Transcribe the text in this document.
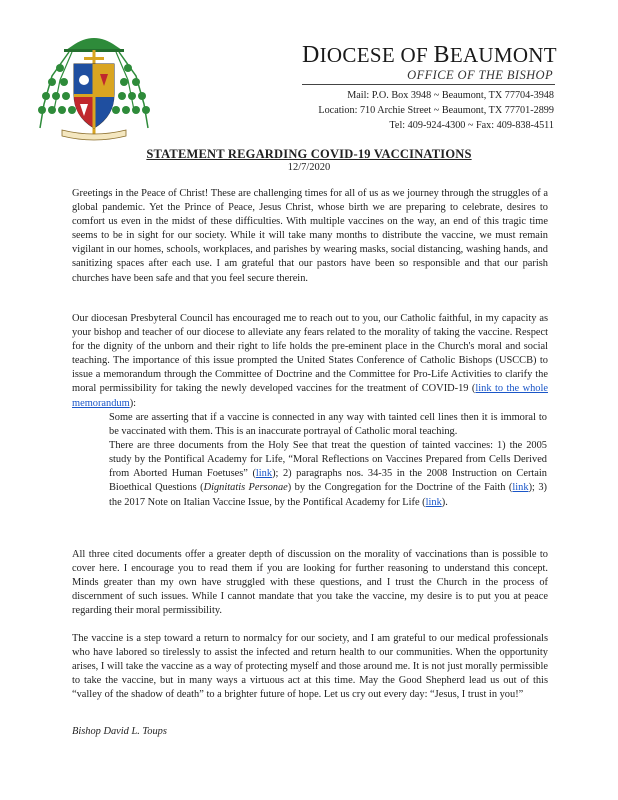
DIOCESE OF BEAUMONT
OFFICE OF THE BISHOP
Mail: P.O. Box 3948 ~ Beaumont, TX 77704-3948
Location: 710 Archie Street ~ Beaumont, TX 77701-2899
Tel: 409-924-4300 ~ Fax: 409-838-4511
STATEMENT REGARDING COVID-19 VACCINATIONS
12/7/2020
Greetings in the Peace of Christ! These are challenging times for all of us as we journey through the struggles of a global pandemic. Yet the Prince of Peace, Jesus Christ, whose birth we are preparing to celebrate, desires to comfort us even in the midst of these difficulties. With multiple vaccines on the way, an end of this tragic time seems to be in sight for our society. While it will take many months to distribute the vaccine, we must remain vigilant in our homes, schools, workplaces, and parishes by wearing masks, social distancing, washing hands, and sanitizing spaces after each use. I am grateful that our pastors have been so responsible and that our parish churches have been safe and that you feel secure therein.
Our diocesan Presbyteral Council has encouraged me to reach out to you, our Catholic faithful, in my capacity as your bishop and teacher of our diocese to alleviate any fears related to the morality of taking the vaccine. Respect for the dignity of the unborn and their right to life holds the pre-eminent place in the Church's moral and social teaching. The importance of this issue prompted the United States Conference of Catholic Bishops (USCCB) to issue a memorandum through the Committee of Doctrine and the Committee for Pro-Life Activities to clarify the moral permissibility for taking the newly developed vaccines for the treatment of COVID-19 (link to the whole memorandum):
Some are asserting that if a vaccine is connected in any way with tainted cell lines then it is immoral to be vaccinated with them. This is an inaccurate portrayal of Catholic moral teaching.
There are three documents from the Holy See that treat the question of tainted vaccines: 1) the 2005 study by the Pontifical Academy for Life, “Moral Reflections on Vaccines Prepared from Cells Derived from Aborted Human Foetuses” (link); 2) paragraphs nos. 34-35 in the 2008 Instruction on Certain Bioethical Questions (Dignitatis Personae) by the Congregation for the Doctrine of the Faith (link); 3) the 2017 Note on Italian Vaccine Issue, by the Pontifical Academy for Life (link).
All three cited documents offer a greater depth of discussion on the morality of vaccinations than is possible to cover here. I encourage you to read them if you are looking for further reasoning to understand this concept. Minds greater than my own have struggled with these questions, and I trust the Church in the process of discernment of such issues. While I cannot mandate that you take the vaccine, my desire is to put you at peace regarding their moral permissibility.
The vaccine is a step toward a return to normalcy for our society, and I am grateful to our medical professionals who have labored so tirelessly to assist the infected and return health to our communities. When the opportunity arises, I will take the vaccine as a way of protecting myself and those around me. It is not just morally permissible to take the vaccine, but in many ways a virtuous act at this time. May the Good Shepherd lead us out of this “valley of the shadow of death” to a brighter future of hope. Let us cry out every day: “Jesus, I trust in you!”
Bishop David L. Toups
